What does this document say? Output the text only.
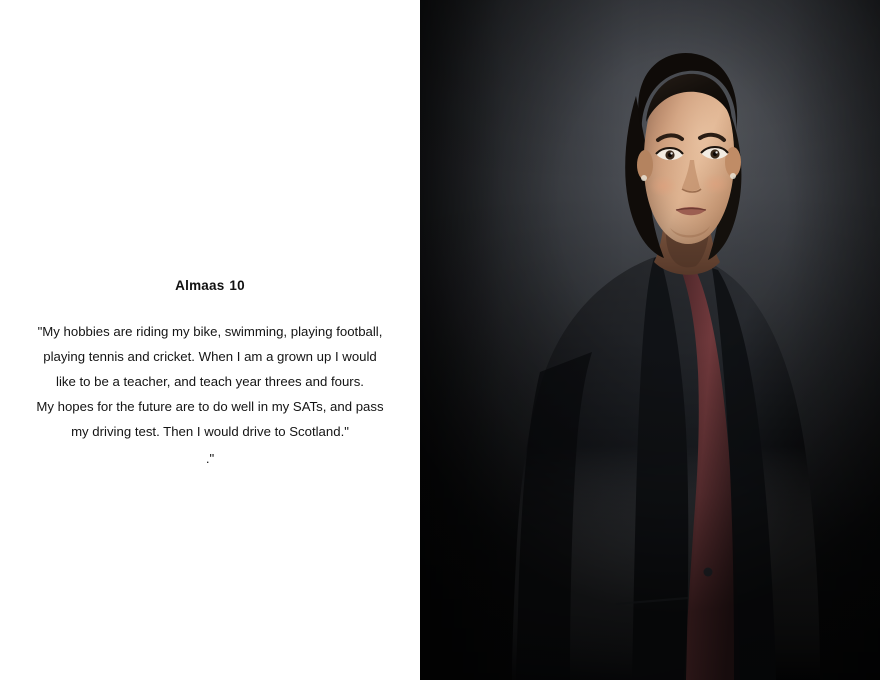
Almaas 10

"My hobbies are riding my bike, swimming, playing football,
playing tennis and cricket. When I am a grown up I would
like to be a teacher, and teach year threes and fours.
My hopes for the future are to do well in my SATs, and pass
my driving test. Then I would drive to Scotland."
."
